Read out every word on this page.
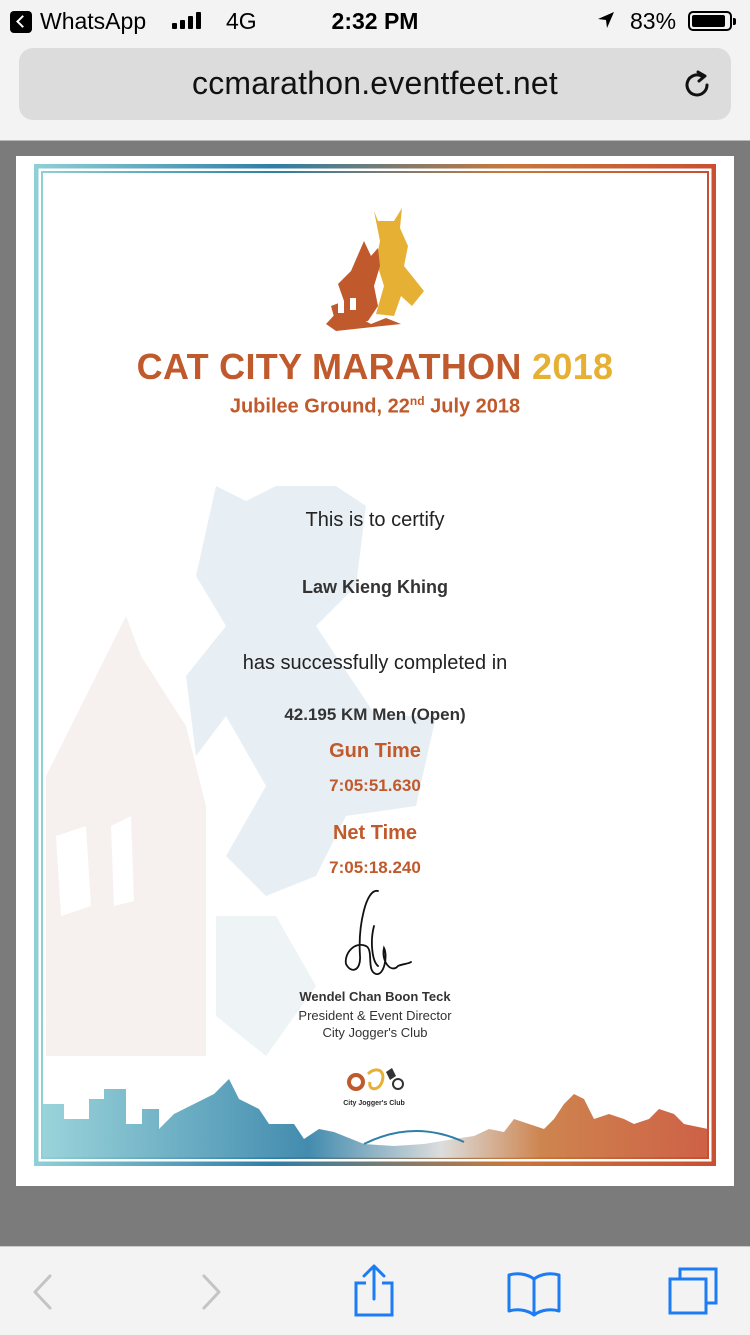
WhatsApp	4G	2:32 PM	83%
ccmarathon.eventfeet.net
CAT CITY MARATHON 2018
Jubilee Ground, 22nd July 2018
This is to certify
Law Kieng Khing
has successfully completed in
42.195 KM Men (Open)
Gun Time
7:05:51.630
Net Time
7:05:18.240
Wendel Chan Boon Teck
President & Event Director
City Jogger's Club
City Jogger's Club
